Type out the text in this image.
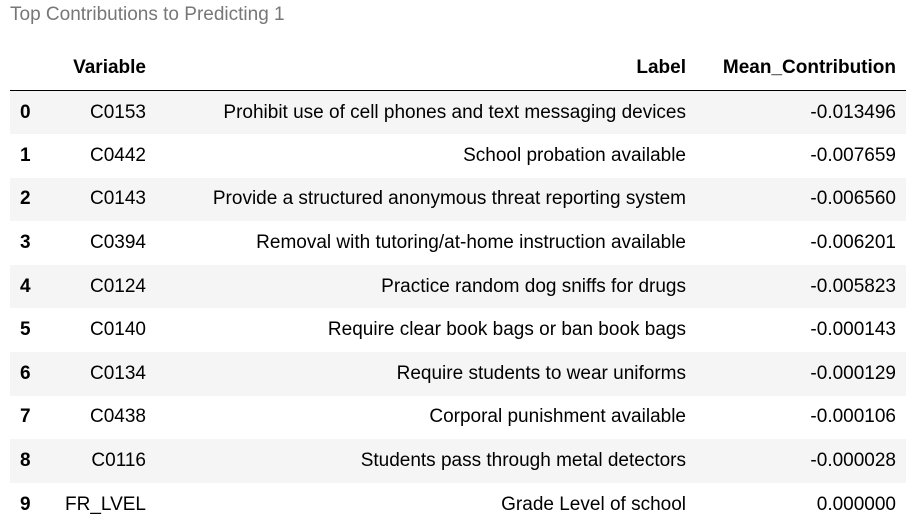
Top Contributions to Predicting 1
	Variable	Label	Mean_Contribution
0	C0153	Prohibit use of cell phones and text messaging devices	-0.013496
1	C0442	School probation available	-0.007659
2	C0143	Provide a structured anonymous threat reporting system	-0.006560
3	C0394	Removal with tutoring/at-home instruction available	-0.006201
4	C0124	Practice random dog sniffs for drugs	-0.005823
5	C0140	Require clear book bags or ban book bags	-0.000143
6	C0134	Require students to wear uniforms	-0.000129
7	C0438	Corporal punishment available	-0.000106
8	C0116	Students pass through metal detectors	-0.000028
9	FR_LVEL	Grade Level of school	0.000000
